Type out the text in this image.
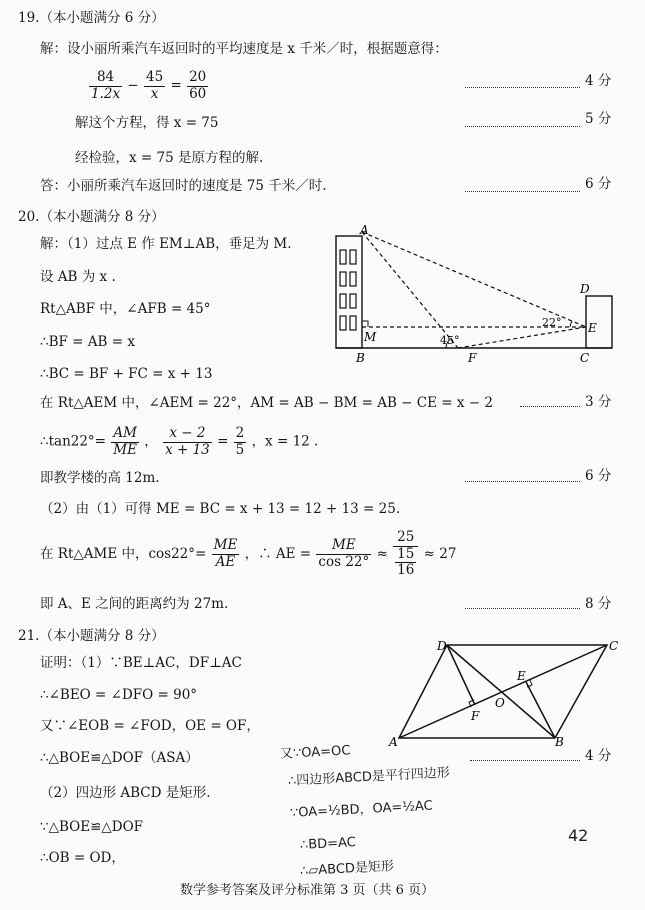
19.（本小题满分 6 分）
解：设小丽所乘汽车返回时的平均速度是 x 千米／时，根据题意得：
$\frac{84}{1.2x} - \frac{45}{x} = \frac{20}{60}$	4 分
解这个方程，得 x = 75	5 分
经检验，x = 75 是原方程的解.
答：小丽所乘汽车返回时的速度是 75 千米／时.	6 分
20.（本小题满分 8 分）
解：（1）过点 E 作 EM⊥AB，垂足为 M.
设 AB 为 x .
Rt△ABF 中，∠AFB = 45°
∴BF = AB = x
∴BC = BF + FC = x + 13
在 Rt△AEM 中，∠AEM = 22°，AM = AB − BM = AB − CE = x − 2	3 分
∴tan22°= $\frac{AM}{ME}$ ， $\frac{x - 2}{x + 13} = \frac{2}{5}$ ，x = 12 .
即教学楼的高 12m.	6 分
（2）由（1）可得 ME = BC = x + 13 = 12 + 13 = 25.
在 Rt△AME 中，$\cos 22^\circ= \frac{ME}{AE}$ ，∴ AE = $\frac{ME}{\cos 22^\circ} \approx \frac{25}{\frac{15}{16}} \approx 27$
即 A、E 之间的距离约为 27m.	8 分
A
B	C
D
E
F
M	45°
22°
21.（本小题满分 8 分）
证明：（1）∵BE⊥AC，DF⊥AC
∴∠BEO = ∠DFO = 90°
又∵∠EOB = ∠FOD，OE = OF，
∴△BOE≌△DOF（ASA）	4 分
（2）四边形 ABCD 是矩形.
∵△BOE≌△DOF
∴OB = OD，
D	C
A	B
E
F
O
又∵OA=OC
∴四边形ABCD是平行四边形
∵OA=½BD，OA=½AC
∴BD=AC
∴▱ABCD是矩形
42
数学参考答案及评分标准第 3 页（共 6 页）
